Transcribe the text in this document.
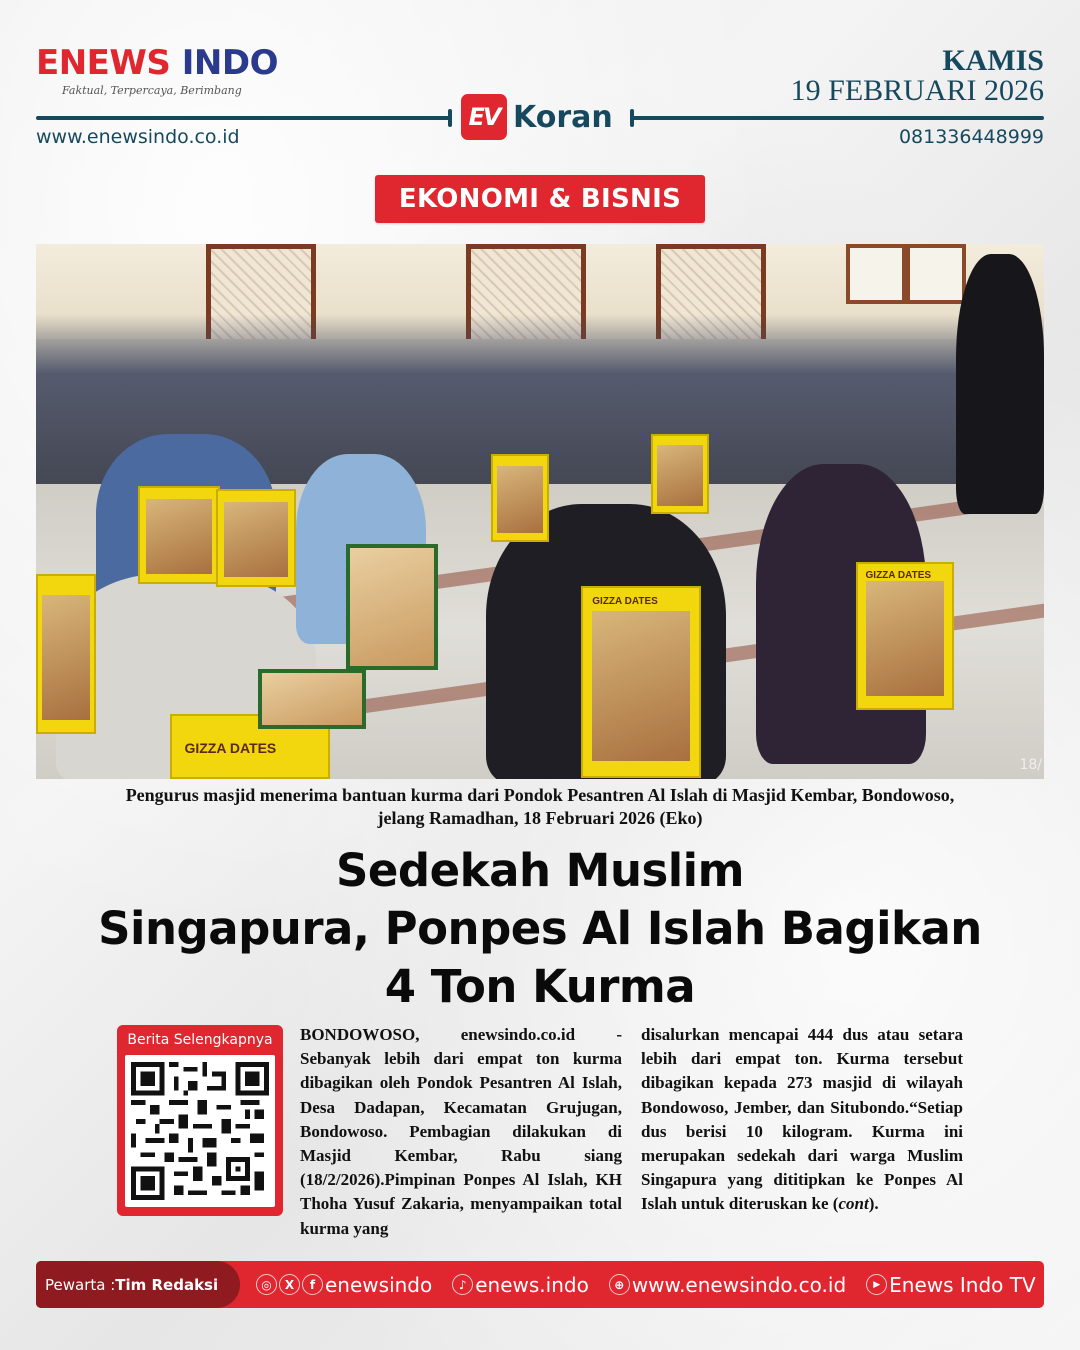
ENEWS INDO
Faktual, Terpercaya, Berimbang
KAMIS
19 FEBRUARI 2026
EV Koran
www.enewsindo.co.id	081336448999
EKONOMI & BISNIS
GIZZA DATES
GIZZA DATES
GIZZA DATES
18/
Pengurus masjid menerima bantuan kurma dari Pondok Pesantren Al Islah di Masjid Kembar, Bondowoso,
jelang Ramadhan, 18 Februari 2026 (Eko)
Sedekah Muslim
Singapura, Ponpes Al Islah Bagikan
4 Ton Kurma
Berita Selengkapnya BONDOWOSO, enewsindo.co.id - Sebanyak lebih dari empat ton kurma dibagikan oleh Pondok Pesantren Al Islah, Desa Dadapan, Kecamatan Grujugan, Bondowoso. Pembagian dilakukan di Masjid Kembar, Rabu siang (18/2/2026).Pimpinan Ponpes Al Islah, KH Thoha Yusuf Zakaria, menyampaikan total kurma yang
disalurkan mencapai 444 dus atau setara lebih dari empat ton. Kurma tersebut dibagikan kepada 273 masjid di wilayah Bondowoso, Jember, dan Situbondo.“Setiap dus berisi 10 kilogram. Kurma ini merupakan sedekah dari warga Muslim Singapura yang dititipkan ke Ponpes Al Islah untuk diteruskan ke (cont).
Pewarta : Tim Redaksi	◎	X	f enewsindo	♪ enews.indo	⊕ www.enewsindo.co.id	▶ Enews Indo TV
